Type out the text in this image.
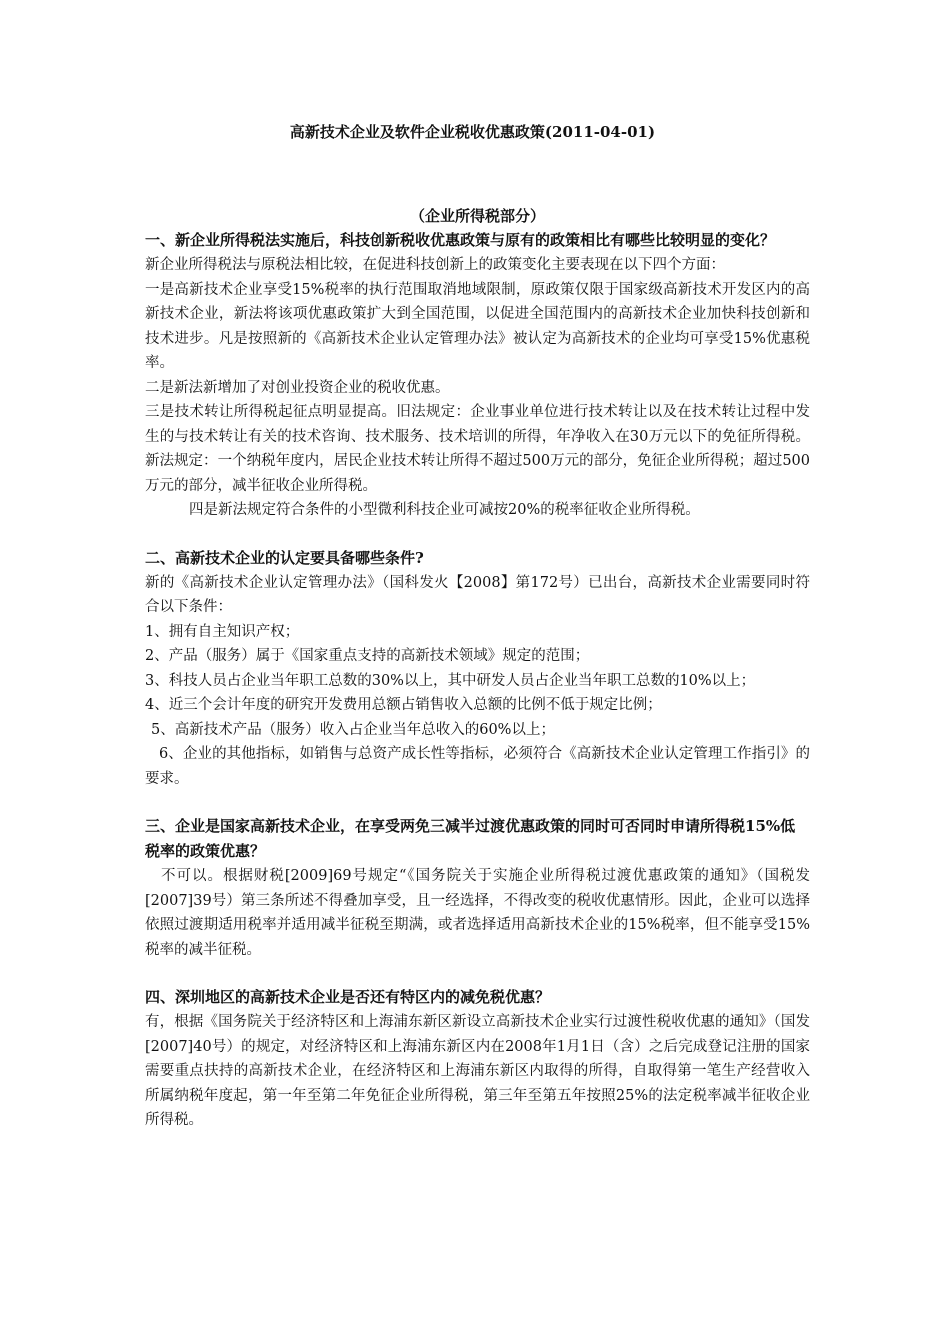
高新技术企业及软件企业税收优惠政策(2011-04-01)

（企业所得税部分）

一、新企业所得税法实施后，科技创新税收优惠政策与原有的政策相比有哪些比较明显的变化？

新企业所得税法与原税法相比较，在促进科技创新上的政策变化主要表现在以下四个方面：

一是高新技术企业享受15%税率的执行范围取消地域限制，原政策仅限于国家级高新技术开发区内的高新技术企业，新法将该项优惠政策扩大到全国范围，以促进全国范围内的高新技术企业加快科技创新和技术进步。凡是按照新的《高新技术企业认定管理办法》被认定为高新技术的企业均可享受15%优惠税率。

二是新法新增加了对创业投资企业的税收优惠。

三是技术转让所得税起征点明显提高。旧法规定：企业事业单位进行技术转让以及在技术转让过程中发生的与技术转让有关的技术咨询、技术服务、技术培训的所得，年净收入在30万元以下的免征所得税。新法规定：一个纳税年度内，居民企业技术转让所得不超过500万元的部分，免征企业所得税；超过500万元的部分，减半征收企业所得税。

四是新法规定符合条件的小型微利科技企业可减按20%的税率征收企业所得税。

二、高新技术企业的认定要具备哪些条件?

新的《高新技术企业认定管理办法》（国科发火【2008】第172号）已出台，高新技术企业需要同时符合以下条件：

1、拥有自主知识产权；

2、产品（服务）属于《国家重点支持的高新技术领域》规定的范围；

3、科技人员占企业当年职工总数的30%以上，其中研发人员占企业当年职工总数的10%以上；

4、近三个会计年度的研究开发费用总额占销售收入总额的比例不低于规定比例；

5、高新技术产品（服务）收入占企业当年总收入的60%以上；

6、企业的其他指标，如销售与总资产成长性等指标，必须符合《高新技术企业认定管理工作指引》的要求。

三、企业是国家高新技术企业，在享受两免三减半过渡优惠政策的同时可否同时申请所得税15%低税率的政策优惠？

不可以。根据财税[2009]69号规定“《国务院关于实施企业所得税过渡优惠政策的通知》（国税发[2007]39号）第三条所述不得叠加享受，且一经选择，不得改变的税收优惠情形。因此，企业可以选择依照过渡期适用税率并适用减半征税至期满，或者选择适用高新技术企业的15%税率，但不能享受15%税率的减半征税。

四、深圳地区的高新技术企业是否还有特区内的减免税优惠？

有，根据《国务院关于经济特区和上海浦东新区新设立高新技术企业实行过渡性税收优惠的通知》（国发[2007]40号）的规定，对经济特区和上海浦东新区内在2008年1月1日（含）之后完成登记注册的国家需要重点扶持的高新技术企业，在经济特区和上海浦东新区内取得的所得，自取得第一笔生产经营收入所属纳税年度起，第一年至第二年免征企业所得税，第三年至第五年按照25%的法定税率减半征收企业所得税。
